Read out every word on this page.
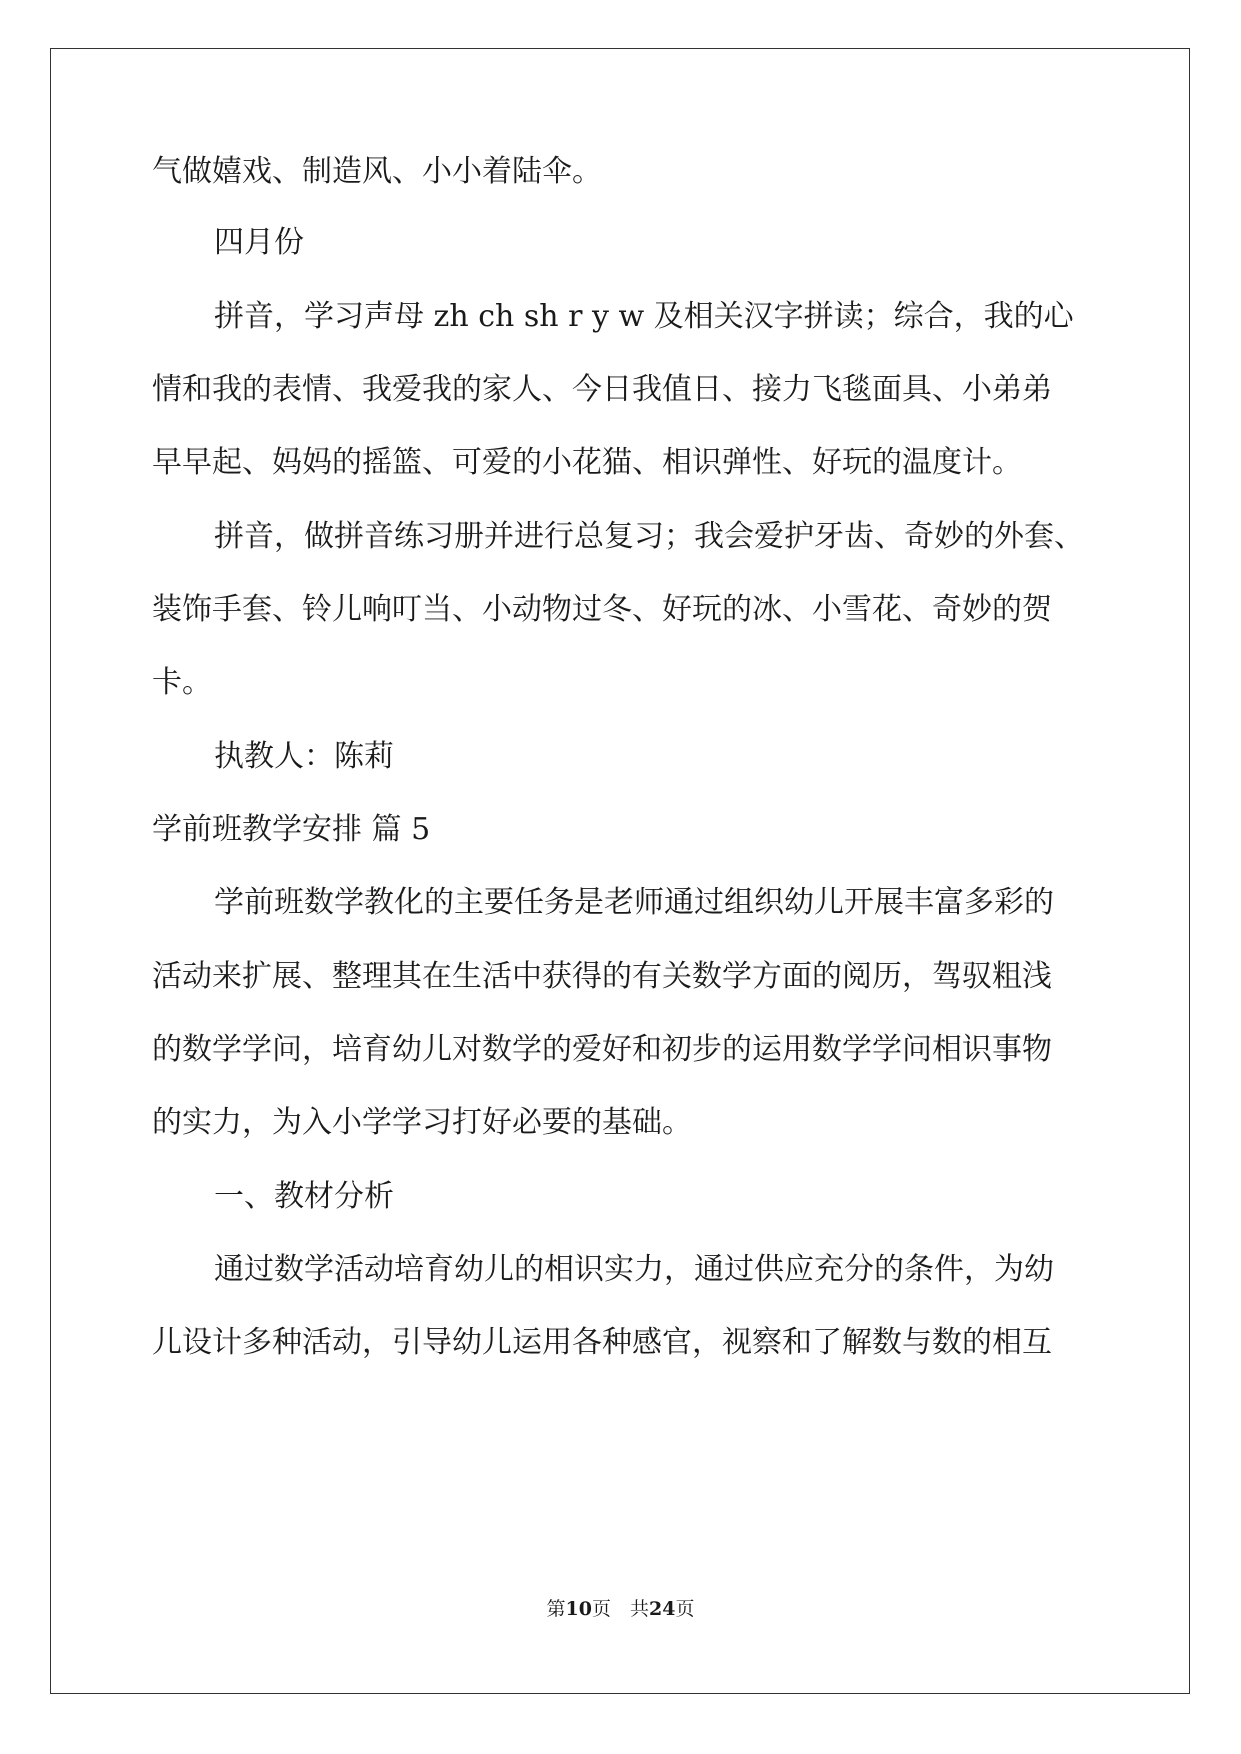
气做嬉戏、制造风、小小着陆伞。
四月份
拼音，学习声母 zh ch sh r y w 及相关汉字拼读；综合，我的心
情和我的表情、我爱我的家人、今日我值日、接力飞毯面具、小弟弟
早早起、妈妈的摇篮、可爱的小花猫、相识弹性、好玩的温度计。
拼音，做拼音练习册并进行总复习；我会爱护牙齿、奇妙的外套、
装饰手套、铃儿响叮当、小动物过冬、好玩的冰、小雪花、奇妙的贺
卡。
执教人：陈莉
学前班教学安排 篇 5
学前班数学教化的主要任务是老师通过组织幼儿开展丰富多彩的
活动来扩展、整理其在生活中获得的有关数学方面的阅历，驾驭粗浅
的数学学问，培育幼儿对数学的爱好和初步的运用数学学问相识事物
的实力，为入小学学习打好必要的基础。
一、教材分析
通过数学活动培育幼儿的相识实力，通过供应充分的条件，为幼
儿设计多种活动，引导幼儿运用各种感官，视察和了解数与数的相互
第10页　共24页
